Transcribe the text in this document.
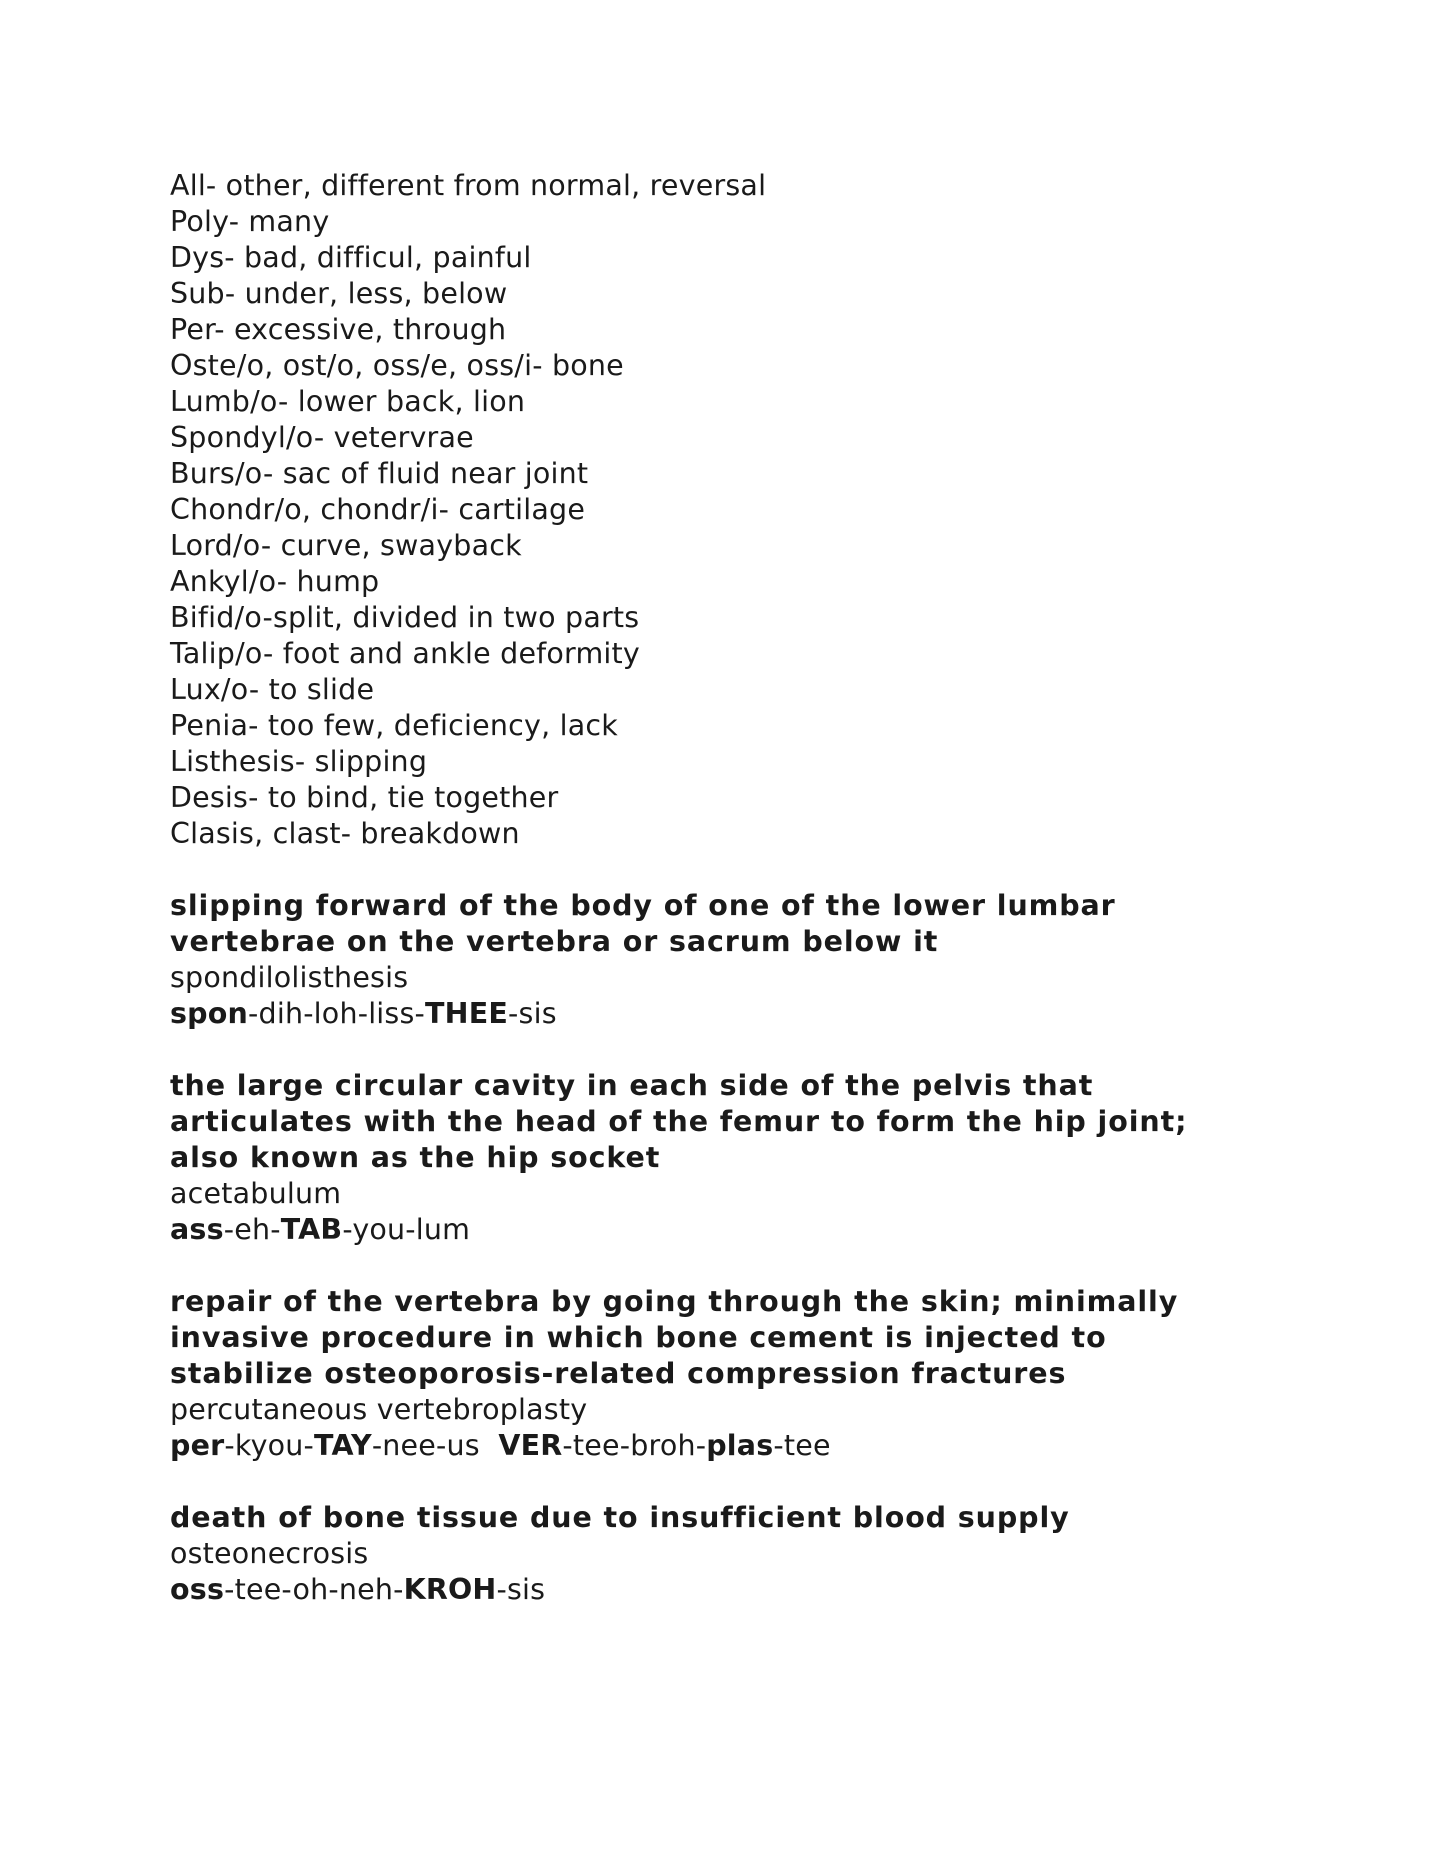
All- other, different from normal, reversal
Poly- many
Dys- bad, difficul, painful
Sub- under, less, below
Per- excessive, through
Oste/o, ost/o, oss/e, oss/i- bone
Lumb/o- lower back, lion
Spondyl/o- vetervrae
Burs/o- sac of fluid near joint
Chondr/o, chondr/i- cartilage
Lord/o- curve, swayback
Ankyl/o- hump
Bifid/o-split, divided in two parts
Talip/o- foot and ankle deformity
Lux/o- to slide
Penia- too few, deficiency, lack
Listhesis- slipping
Desis- to bind, tie together
Clasis, clast- breakdown
slipping forward of the body of one of the lower lumbar
vertebrae on the vertebra or sacrum below it
spondilolisthesis
spon-dih-loh-liss-THEE-sis
the large circular cavity in each side of the pelvis that
articulates with the head of the femur to form the hip joint;
also known as the hip socket
acetabulum
ass-eh-TAB-you-lum
repair of the vertebra by going through the skin; minimally
invasive procedure in which bone cement is injected to
stabilize osteoporosis-related compression fractures
percutaneous vertebroplasty
per-kyou-TAY-nee-us  VER-tee-broh-plas-tee
death of bone tissue due to insufficient blood supply
osteonecrosis
oss-tee-oh-neh-KROH-sis
